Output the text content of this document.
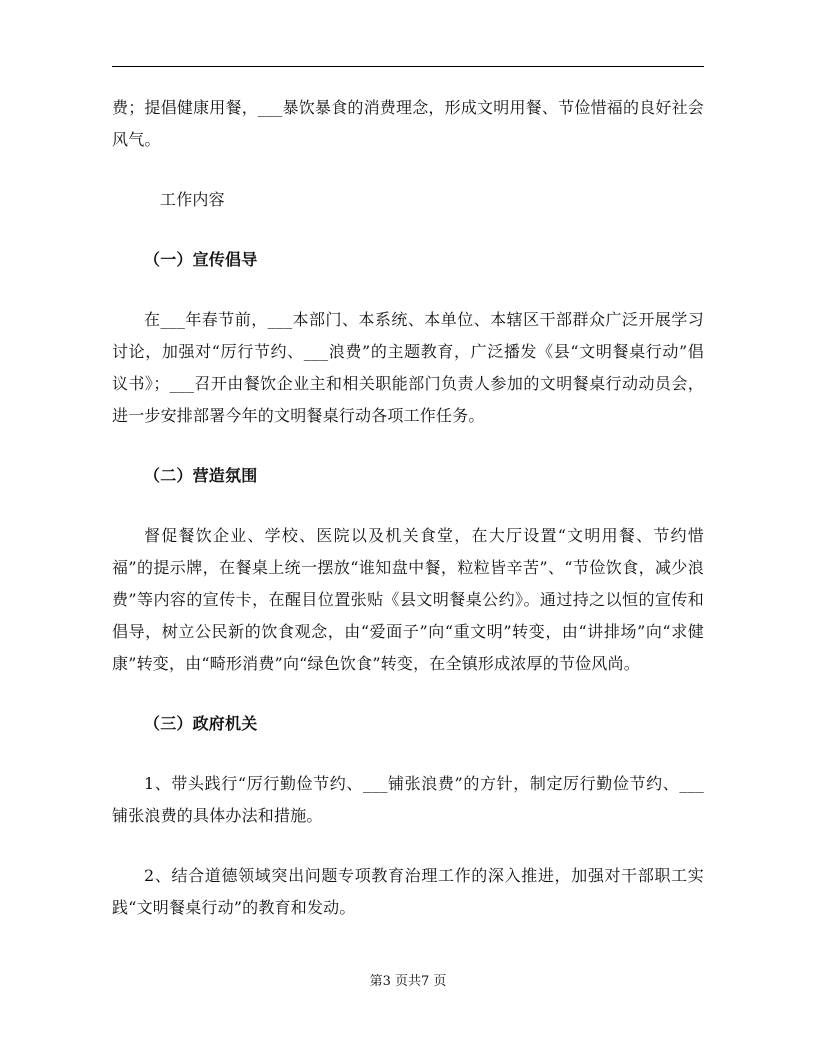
费；提倡健康用餐，___暴饮暴食的消费理念，形成文明用餐、节俭惜福的良好社会风气。

工作内容

（一）宣传倡导

在___年春节前，___本部门、本系统、本单位、本辖区干部群众广泛开展学习讨论，加强对“厉行节约、___浪费”的主题教育，广泛播发《县“文明餐桌行动”倡议书》；___召开由餐饮企业主和相关职能部门负责人参加的文明餐桌行动动员会，进一步安排部署今年的文明餐桌行动各项工作任务。

（二）营造氛围

督促餐饮企业、学校、医院以及机关食堂，在大厅设置“文明用餐、节约惜福”的提示牌，在餐桌上统一摆放“谁知盘中餐，粒粒皆辛苦”、“节俭饮食，减少浪费”等内容的宣传卡，在醒目位置张贴《县文明餐桌公约》。通过持之以恒的宣传和倡导，树立公民新的饮食观念，由“爱面子”向“重文明”转变，由“讲排场”向“求健康”转变，由“畸形消费”向“绿色饮食”转变，在全镇形成浓厚的节俭风尚。

（三）政府机关

1、带头践行“厉行勤俭节约、___铺张浪费”的方针，制定厉行勤俭节约、___铺张浪费的具体办法和措施。

2、结合道德领域突出问题专项教育治理工作的深入推进，加强对干部职工实践“文明餐桌行动”的教育和发动。

第3 页共7 页
